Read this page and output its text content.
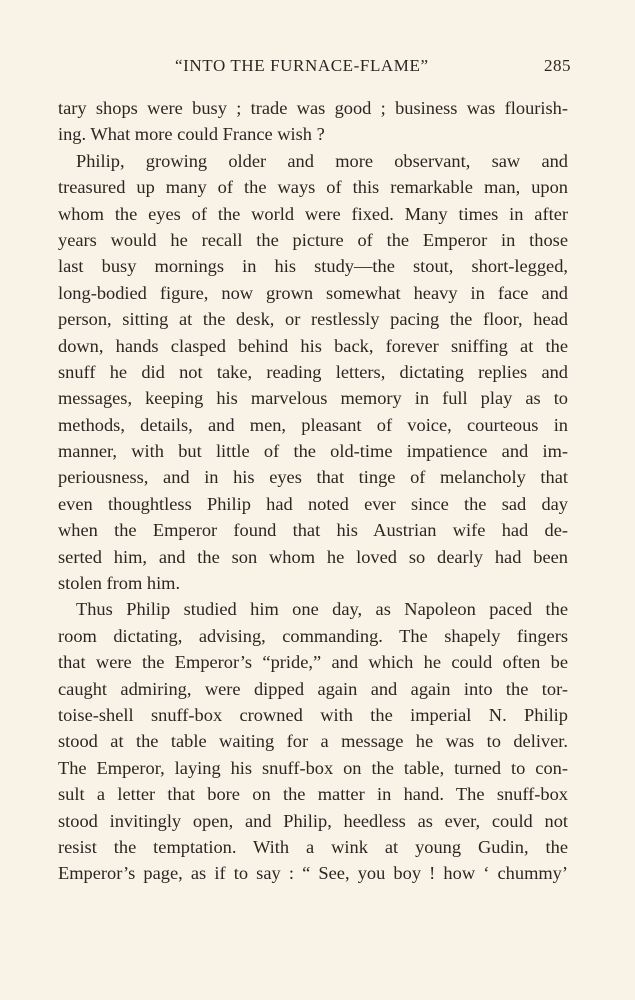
“INTO THE FURNACE-FLAME”	285
tary shops were busy ; trade was good ; business was flourish-
ing. What more could France wish ?
Philip, growing older and more observant, saw and
treasured up many of the ways of this remarkable man, upon
whom the eyes of the world were fixed. Many times in after
years would he recall the picture of the Emperor in those
last busy mornings in his study—the stout, short-legged,
long-bodied figure, now grown somewhat heavy in face and
person, sitting at the desk, or restlessly pacing the floor, head
down, hands clasped behind his back, forever sniffing at the
snuff he did not take, reading letters, dictating replies and
messages, keeping his marvelous memory in full play as to
methods, details, and men, pleasant of voice, courteous in
manner, with but little of the old-time impatience and im-
periousness, and in his eyes that tinge of melancholy that
even thoughtless Philip had noted ever since the sad day
when the Emperor found that his Austrian wife had de-
serted him, and the son whom he loved so dearly had been
stolen from him.
Thus Philip studied him one day, as Napoleon paced the
room dictating, advising, commanding. The shapely fingers
that were the Emperor’s “pride,” and which he could often be
caught admiring, were dipped again and again into the tor-
toise-shell snuff-box crowned with the imperial N. Philip
stood at the table waiting for a message he was to deliver.
The Emperor, laying his snuff-box on the table, turned to con-
sult a letter that bore on the matter in hand. The snuff-box
stood invitingly open, and Philip, heedless as ever, could not
resist the temptation. With a wink at young Gudin, the
Emperor’s page, as if to say : “ See, you boy ! how ‘ chummy’
